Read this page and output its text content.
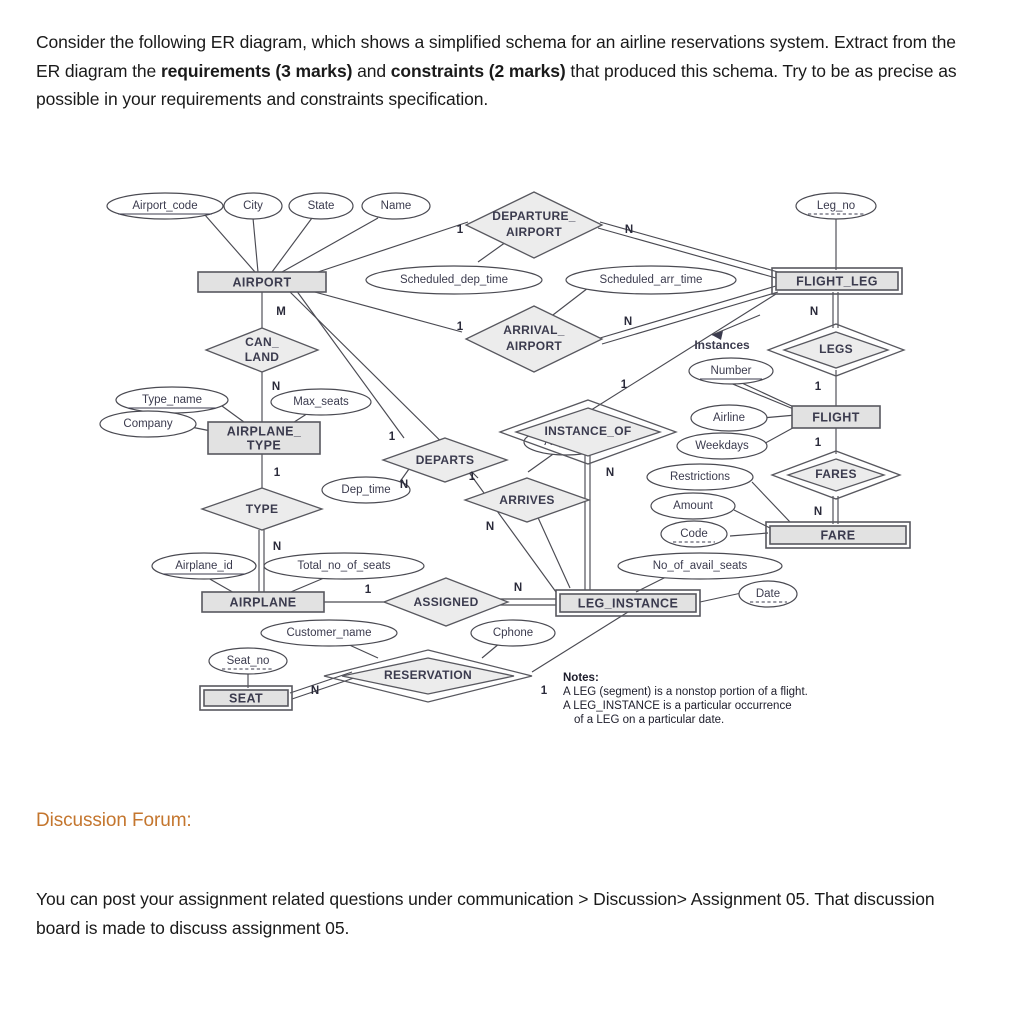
Consider the following ER diagram, which shows a simplified schema for an airline reservations system. Extract from the ER diagram the requirements (3 marks) and constraints (2 marks) that produced this schema. Try to be as precise as possible in your requirements and constraints specification.
Airport_code	City	State	Name
Scheduled_dep_time	Scheduled_arr_time
Leg_no
Type_name	Max_seats
Company
Dep_time
Number
Airline
Weekdays
Restrictions
Amount
Code
Airplane_id	Total_no_of_seats	No_of_avail_seats
Date
Customer_name	Cphone
Seat_no
DEPARTURE_
AIRPORT
ARRIVAL_
AIRPORT
CAN_
LAND
TYPE
DEPARTS
ARRIVES
LEGS
FARES
INSTANCE_OF
ASSIGNED
RESERVATION
AIRPORT
AIRPLANE_
TYPE
AIRPLANE
SEAT
FLIGHT_LEG
FLIGHT
FARE
LEG_INSTANCE
1	N
1	N
M
N
1
N
N
1
1
N
1
N
1
N
1
N
1	N
N	1
Instances
Notes:
A LEG (segment) is a nonstop portion of a flight.
A LEG_INSTANCE is a particular occurrence
of a LEG on a particular date.
Discussion Forum:
You can post your assignment related questions under communication > Discussion> Assignment 05. That discussion board is made to discuss assignment 05.
